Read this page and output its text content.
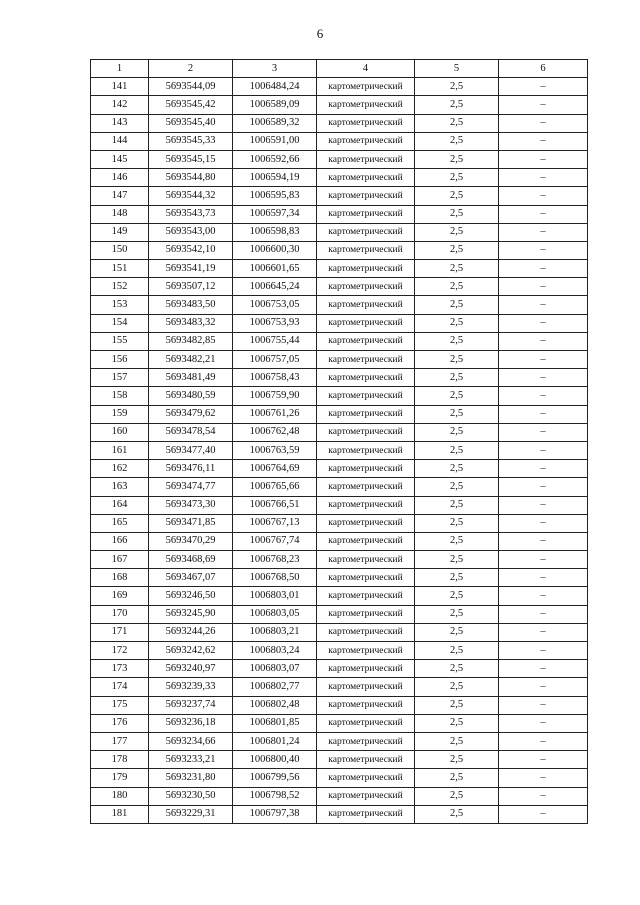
6
1	2	3	4	5	6
141	5693544,09	1006484,24	картометрический	2,5	–
142	5693545,42	1006589,09	картометрический	2,5	–
143	5693545,40	1006589,32	картометрический	2,5	–
144	5693545,33	1006591,00	картометрический	2,5	–
145	5693545,15	1006592,66	картометрический	2,5	–
146	5693544,80	1006594,19	картометрический	2,5	–
147	5693544,32	1006595,83	картометрический	2,5	–
148	5693543,73	1006597,34	картометрический	2,5	–
149	5693543,00	1006598,83	картометрический	2,5	–
150	5693542,10	1006600,30	картометрический	2,5	–
151	5693541,19	1006601,65	картометрический	2,5	–
152	5693507,12	1006645,24	картометрический	2,5	–
153	5693483,50	1006753,05	картометрический	2,5	–
154	5693483,32	1006753,93	картометрический	2,5	–
155	5693482,85	1006755,44	картометрический	2,5	–
156	5693482,21	1006757,05	картометрический	2,5	–
157	5693481,49	1006758,43	картометрический	2,5	–
158	5693480,59	1006759,90	картометрический	2,5	–
159	5693479,62	1006761,26	картометрический	2,5	–
160	5693478,54	1006762,48	картометрический	2,5	–
161	5693477,40	1006763,59	картометрический	2,5	–
162	5693476,11	1006764,69	картометрический	2,5	–
163	5693474,77	1006765,66	картометрический	2,5	–
164	5693473,30	1006766,51	картометрический	2,5	–
165	5693471,85	1006767,13	картометрический	2,5	–
166	5693470,29	1006767,74	картометрический	2,5	–
167	5693468,69	1006768,23	картометрический	2,5	–
168	5693467,07	1006768,50	картометрический	2,5	–
169	5693246,50	1006803,01	картометрический	2,5	–
170	5693245,90	1006803,05	картометрический	2,5	–
171	5693244,26	1006803,21	картометрический	2,5	–
172	5693242,62	1006803,24	картометрический	2,5	–
173	5693240,97	1006803,07	картометрический	2,5	–
174	5693239,33	1006802,77	картометрический	2,5	–
175	5693237,74	1006802,48	картометрический	2,5	–
176	5693236,18	1006801,85	картометрический	2,5	–
177	5693234,66	1006801,24	картометрический	2,5	–
178	5693233,21	1006800,40	картометрический	2,5	–
179	5693231,80	1006799,56	картометрический	2,5	–
180	5693230,50	1006798,52	картометрический	2,5	–
181	5693229,31	1006797,38	картометрический	2,5	–
